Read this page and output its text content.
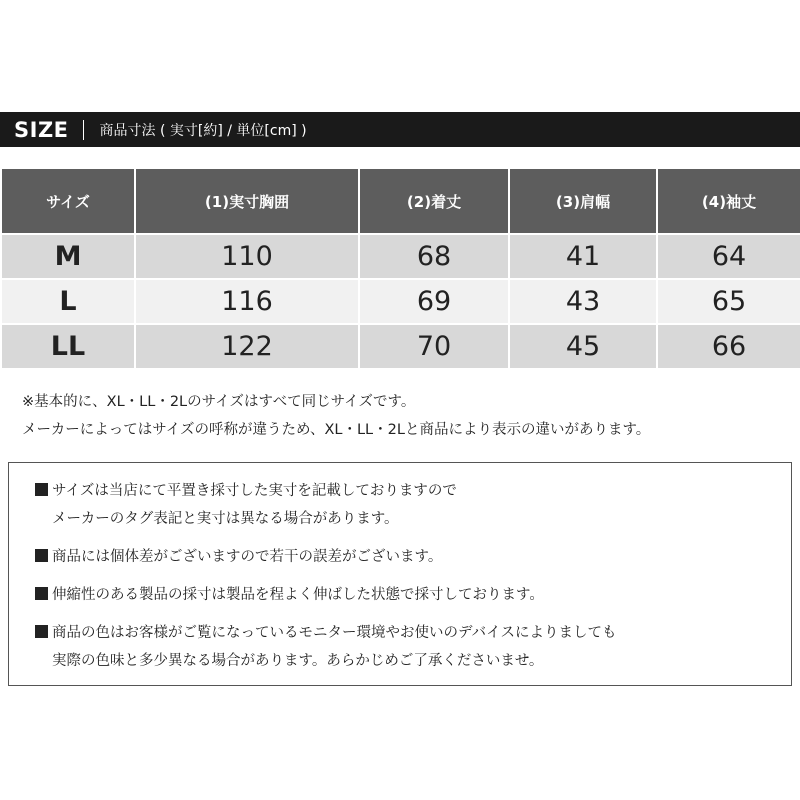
SIZE 商品寸法 ( 実寸[約] / 単位[cm] )
サイズ	(1)実寸胸囲	(2)着丈	(3)肩幅	(4)袖丈
M	110	68	41	64
L	116	69	43	65
LL	122	70	45	66
※基本的に、XL・LL・2Lのサイズはすべて同じサイズです。
メーカーによってはサイズの呼称が違うため、XL・LL・2Lと商品により表示の違いがあります。
サイズは当店にて平置き採寸した実寸を記載しておりますので
メーカーのタグ表記と実寸は異なる場合があります。
商品には個体差がございますので若干の誤差がございます。
伸縮性のある製品の採寸は製品を程よく伸ばした状態で採寸しております。
商品の色はお客様がご覧になっているモニター環境やお使いのデバイスによりましても
実際の色味と多少異なる場合があります。あらかじめご了承くださいませ。
